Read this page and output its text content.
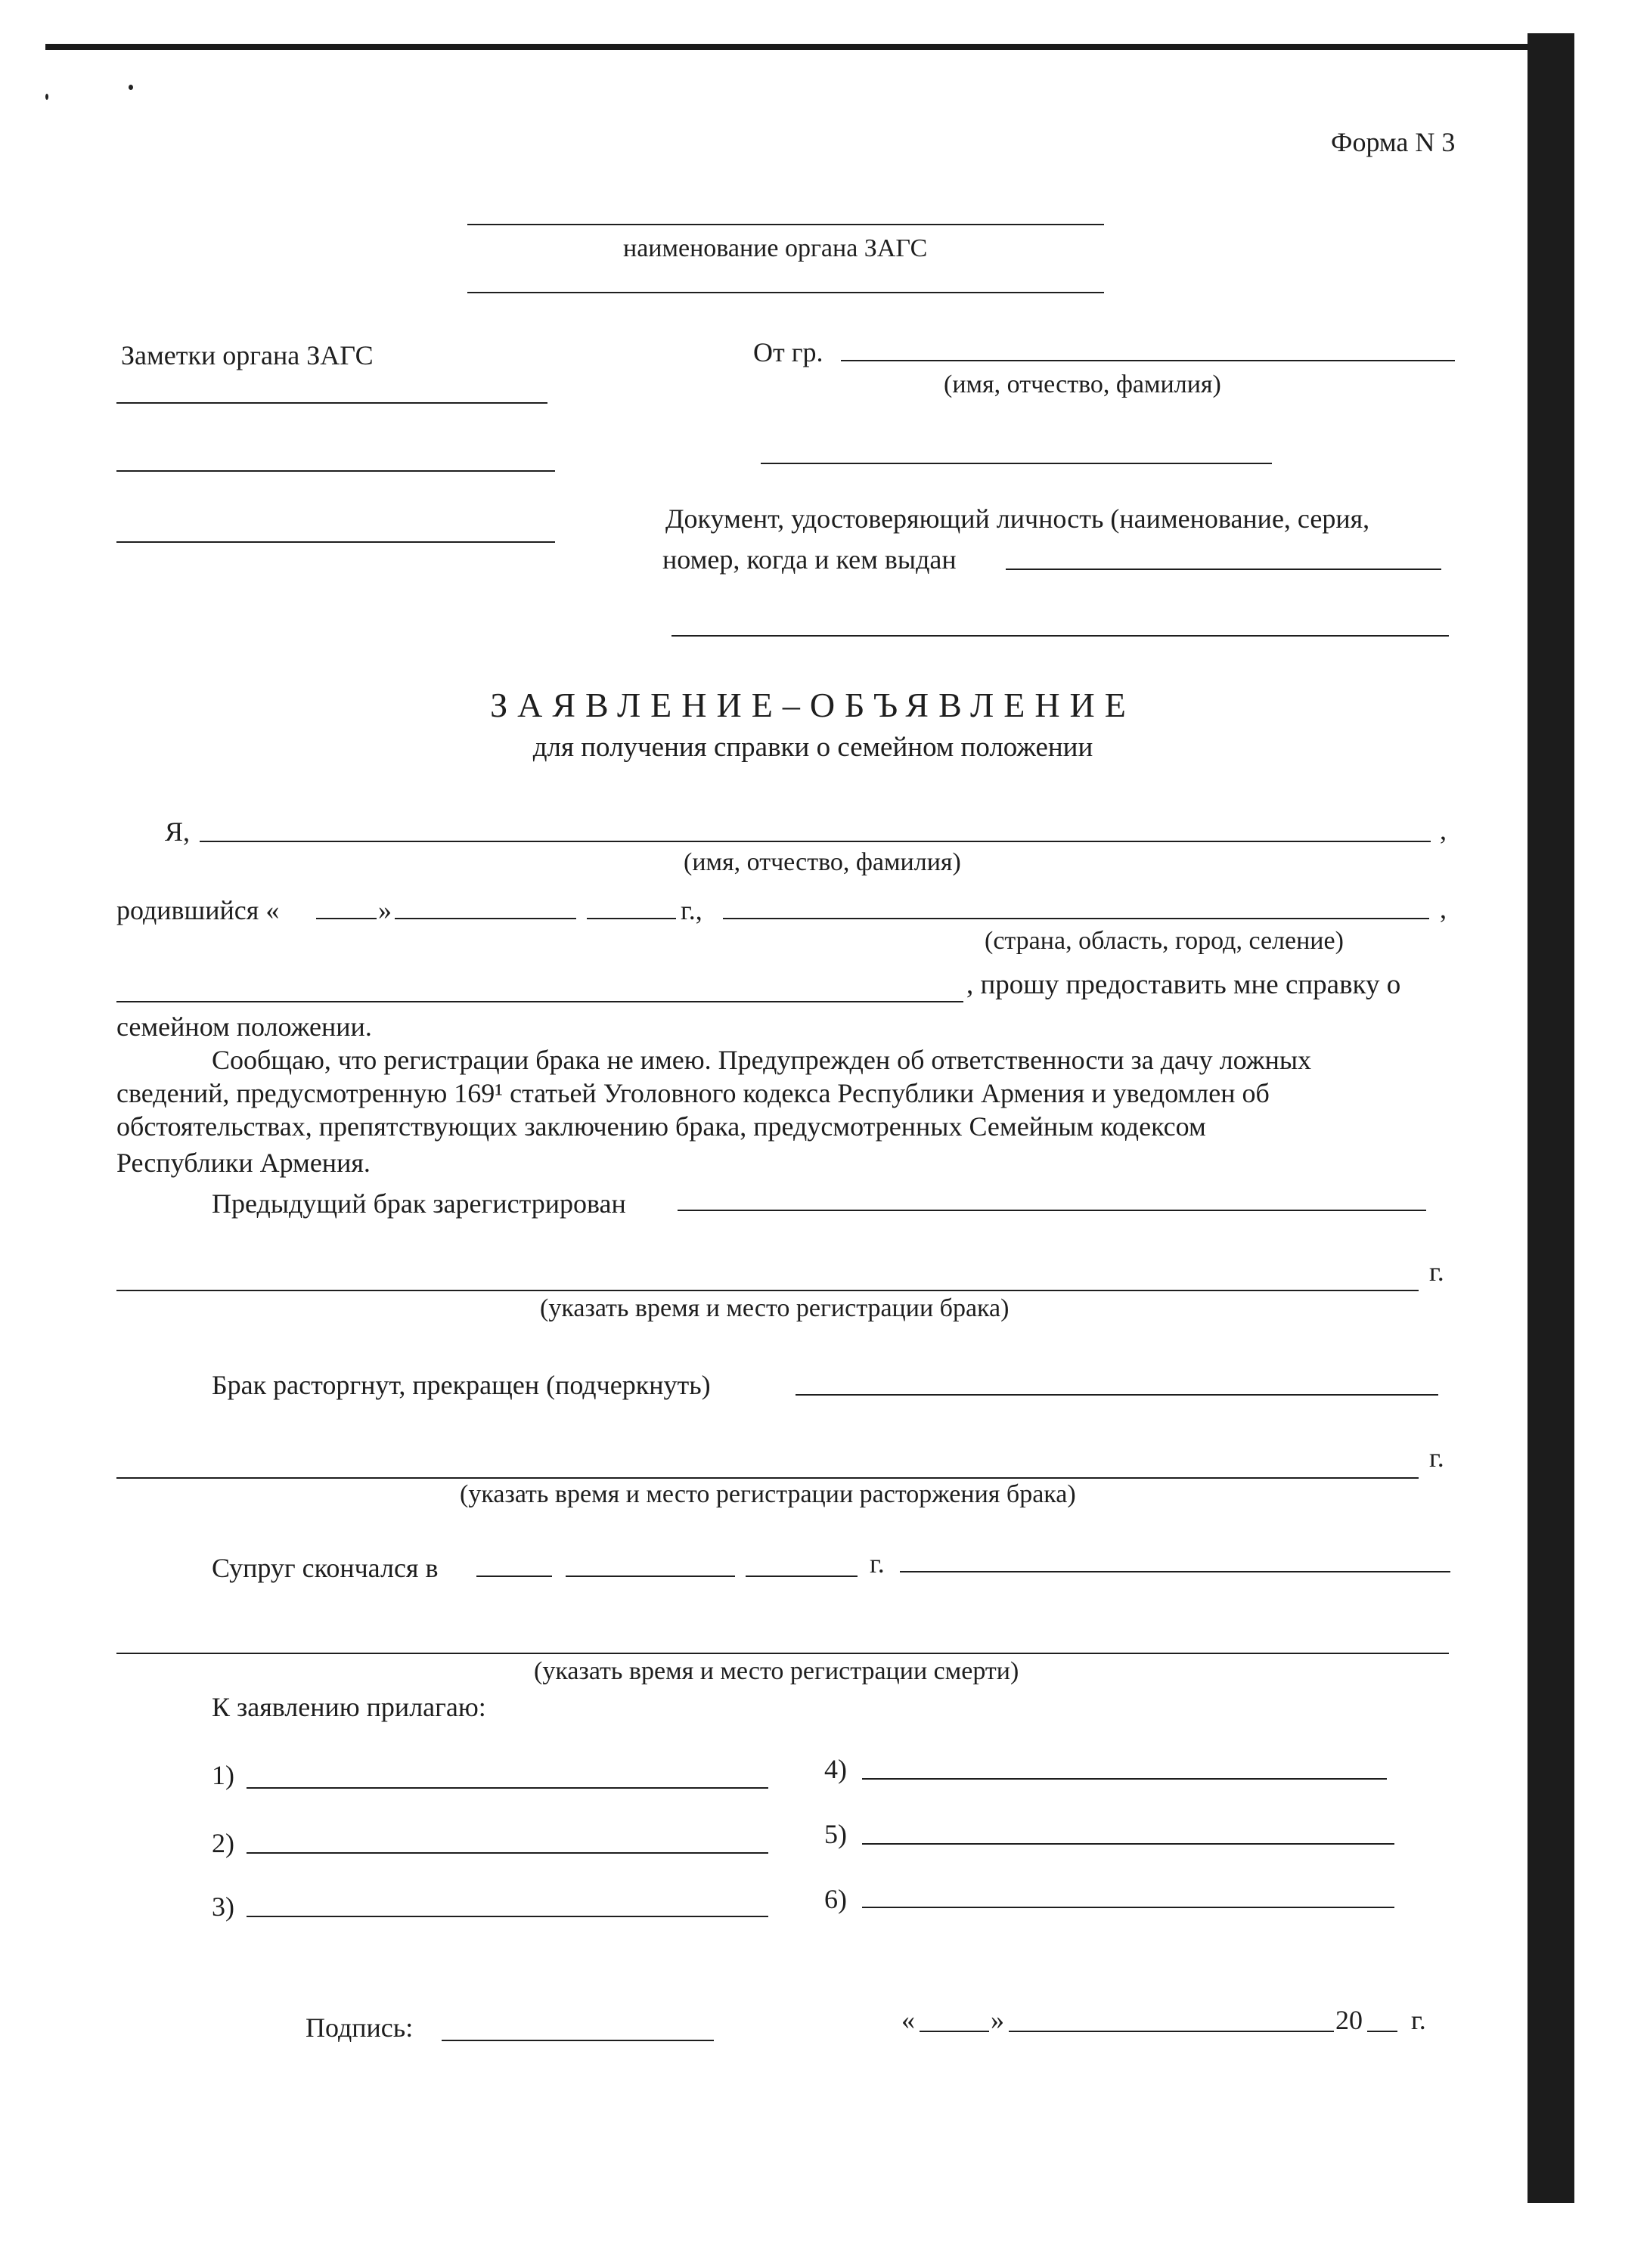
Форма N 3
наименование органа ЗАГС
Заметки органа ЗАГС	От гр.
(имя, отчество, фамилия)
Документ, удостоверяющий личность (наименование, серия,
номер, когда и кем выдан
ЗАЯВЛЕНИЕ–ОБЪЯВЛЕНИЕ
для получения справки о семейном положении
Я,	,
(имя, отчество, фамилия)
родившийся «	»	г.,	,
(страна, область, город, селение)
, прошу предоставить мне справку о
семейном положении.
Сообщаю, что регистрации брака не имею. Предупрежден об ответственности за дачу ложных
сведений, предусмотренную 169¹ статьей Уголовного кодекса Республики Армения и уведомлен об
обстоятельствах, препятствующих заключению брака, предусмотренных Семейным кодексом
Республики Армения.
Предыдущий брак зарегистрирован
г.
(указать время и место регистрации брака)
Брак расторгнут, прекращен (подчеркнуть)
г.
(указать время и место регистрации расторжения брака)
Супруг скончался в	г.
(указать время и место регистрации смерти)
К заявлению прилагаю:
1)
2)
3)
4)
5)
6)
Подпись:	«	»	20 г.
